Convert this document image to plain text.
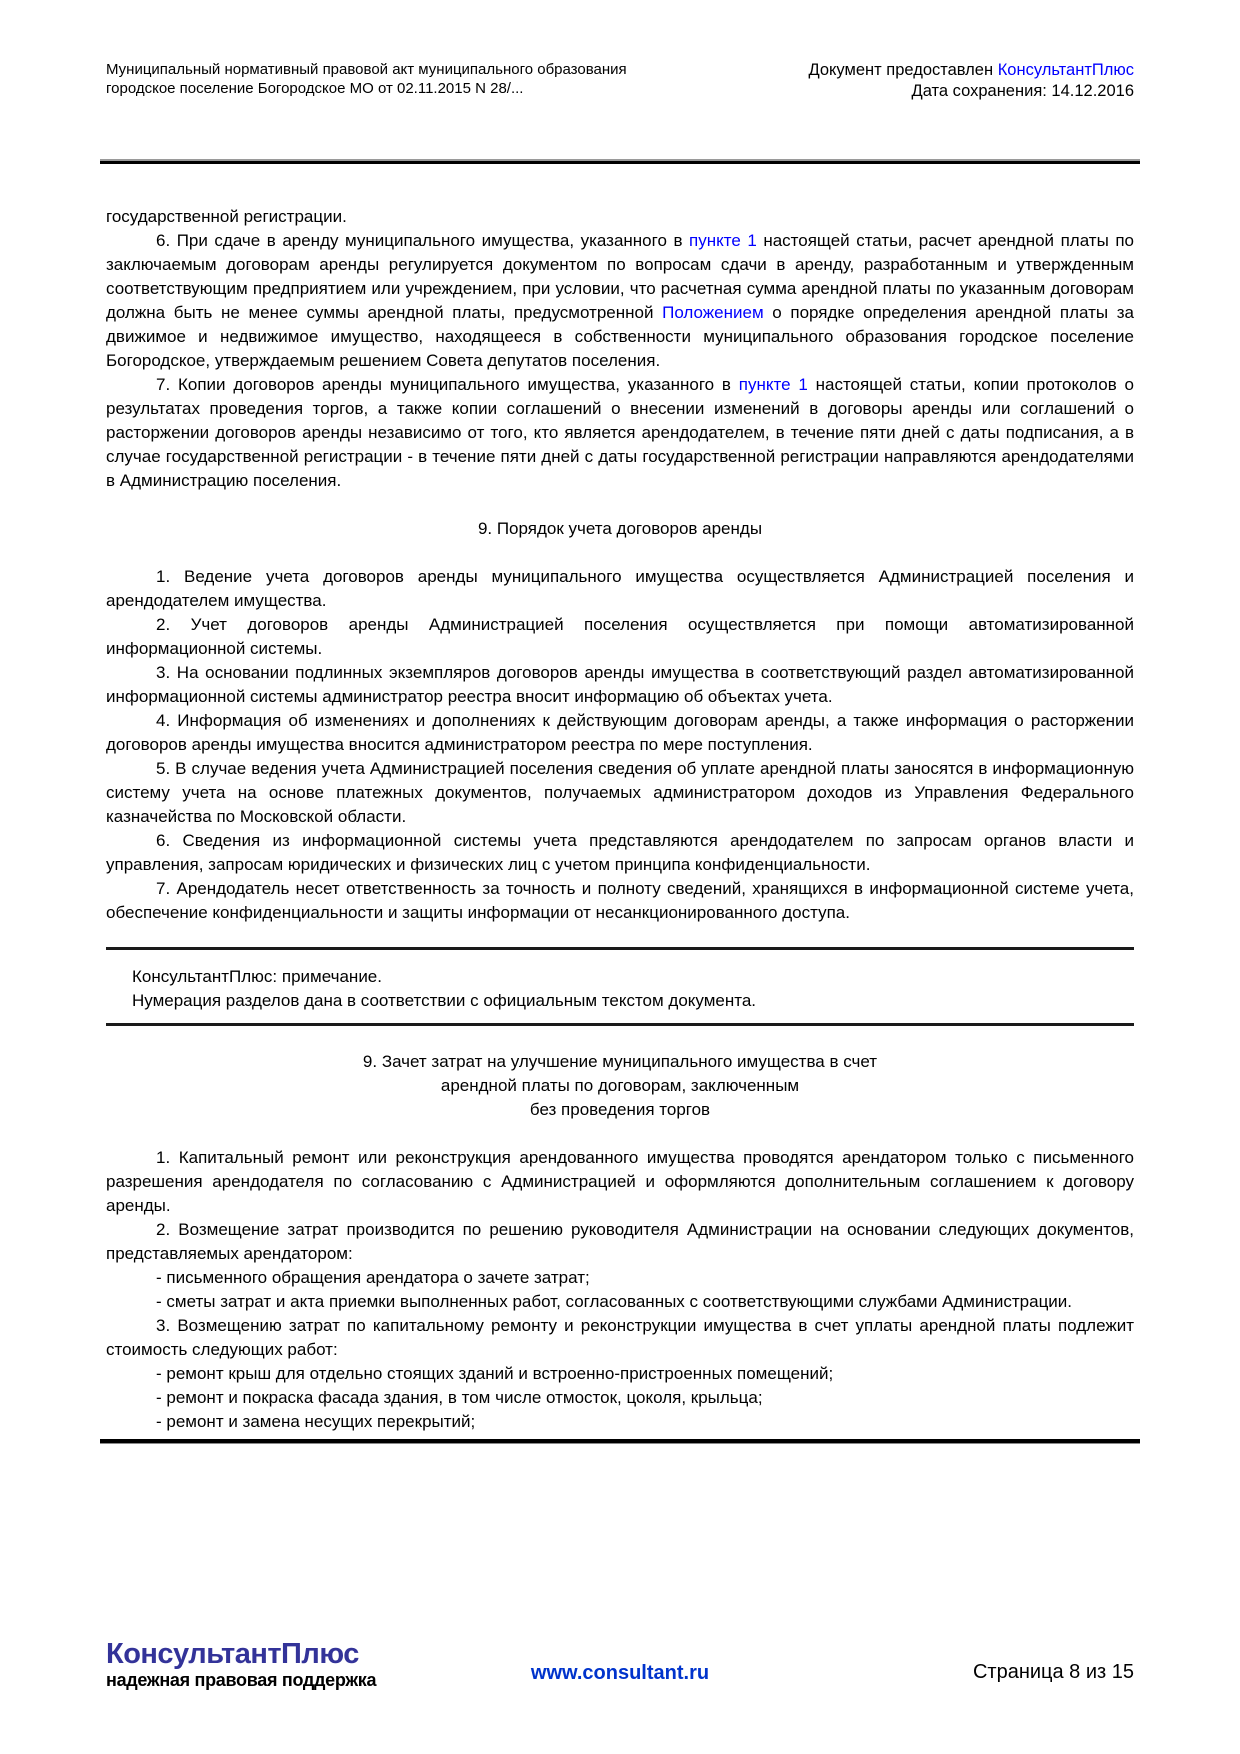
Муниципальный нормативный правовой акт муниципального образования
городское поселение Богородское МО от 02.11.2015 N 28/...
Документ предоставлен КонсультантПлюс
Дата сохранения: 14.12.2016

государственной регистрации.

6. При сдаче в аренду муниципального имущества, указанного в пункте 1 настоящей статьи, расчет арендной платы по заключаемым договорам аренды регулируется документом по вопросам сдачи в аренду, разработанным и утвержденным соответствующим предприятием или учреждением, при условии, что расчетная сумма арендной платы по указанным договорам должна быть не менее суммы арендной платы, предусмотренной Положением о порядке определения арендной платы за движимое и недвижимое имущество, находящееся в собственности муниципального образования городское поселение Богородское, утверждаемым решением Совета депутатов поселения.

7. Копии договоров аренды муниципального имущества, указанного в пункте 1 настоящей статьи, копии протоколов о результатах проведения торгов, а также копии соглашений о внесении изменений в договоры аренды или соглашений о расторжении договоров аренды независимо от того, кто является арендодателем, в течение пяти дней с даты подписания, а в случае государственной регистрации - в течение пяти дней с даты государственной регистрации направляются арендодателями в Администрацию поселения.

9. Порядок учета договоров аренды

1. Ведение учета договоров аренды муниципального имущества осуществляется Администрацией поселения и арендодателем имущества.

2. Учет договоров аренды Администрацией поселения осуществляется при помощи автоматизированной информационной системы.

3. На основании подлинных экземпляров договоров аренды имущества в соответствующий раздел автоматизированной информационной системы администратор реестра вносит информацию об объектах учета.

4. Информация об изменениях и дополнениях к действующим договорам аренды, а также информация о расторжении договоров аренды имущества вносится администратором реестра по мере поступления.

5. В случае ведения учета Администрацией поселения сведения об уплате арендной платы заносятся в информационную систему учета на основе платежных документов, получаемых администратором доходов из Управления Федерального казначейства по Московской области.

6. Сведения из информационной системы учета представляются арендодателем по запросам органов власти и управления, запросам юридических и физических лиц с учетом принципа конфиденциальности.

7. Арендодатель несет ответственность за точность и полноту сведений, хранящихся в информационной системе учета, обеспечение конфиденциальности и защиты информации от несанкционированного доступа.

КонсультантПлюс: примечание.
Нумерация разделов дана в соответствии с официальным текстом документа.
9. Зачет затрат на улучшение муниципального имущества в счет
арендной платы по договорам, заключенным
без проведения торгов

1. Капитальный ремонт или реконструкция арендованного имущества проводятся арендатором только с письменного разрешения арендодателя по согласованию с Администрацией и оформляются дополнительным соглашением к договору аренды.

2. Возмещение затрат производится по решению руководителя Администрации на основании следующих документов, представляемых арендатором:

- письменного обращения арендатора о зачете затрат;

- сметы затрат и акта приемки выполненных работ, согласованных с соответствующими службами Администрации.

3. Возмещению затрат по капитальному ремонту и реконструкции имущества в счет уплаты арендной платы подлежит стоимость следующих работ:

- ремонт крыш для отдельно стоящих зданий и встроенно-пристроенных помещений;

- ремонт и покраска фасада здания, в том числе отмосток, цоколя, крыльца;

- ремонт и замена несущих перекрытий;

КонсультантПлюс
надежная правовая поддержка	www.consultant.ru	Страница 8 из 15
